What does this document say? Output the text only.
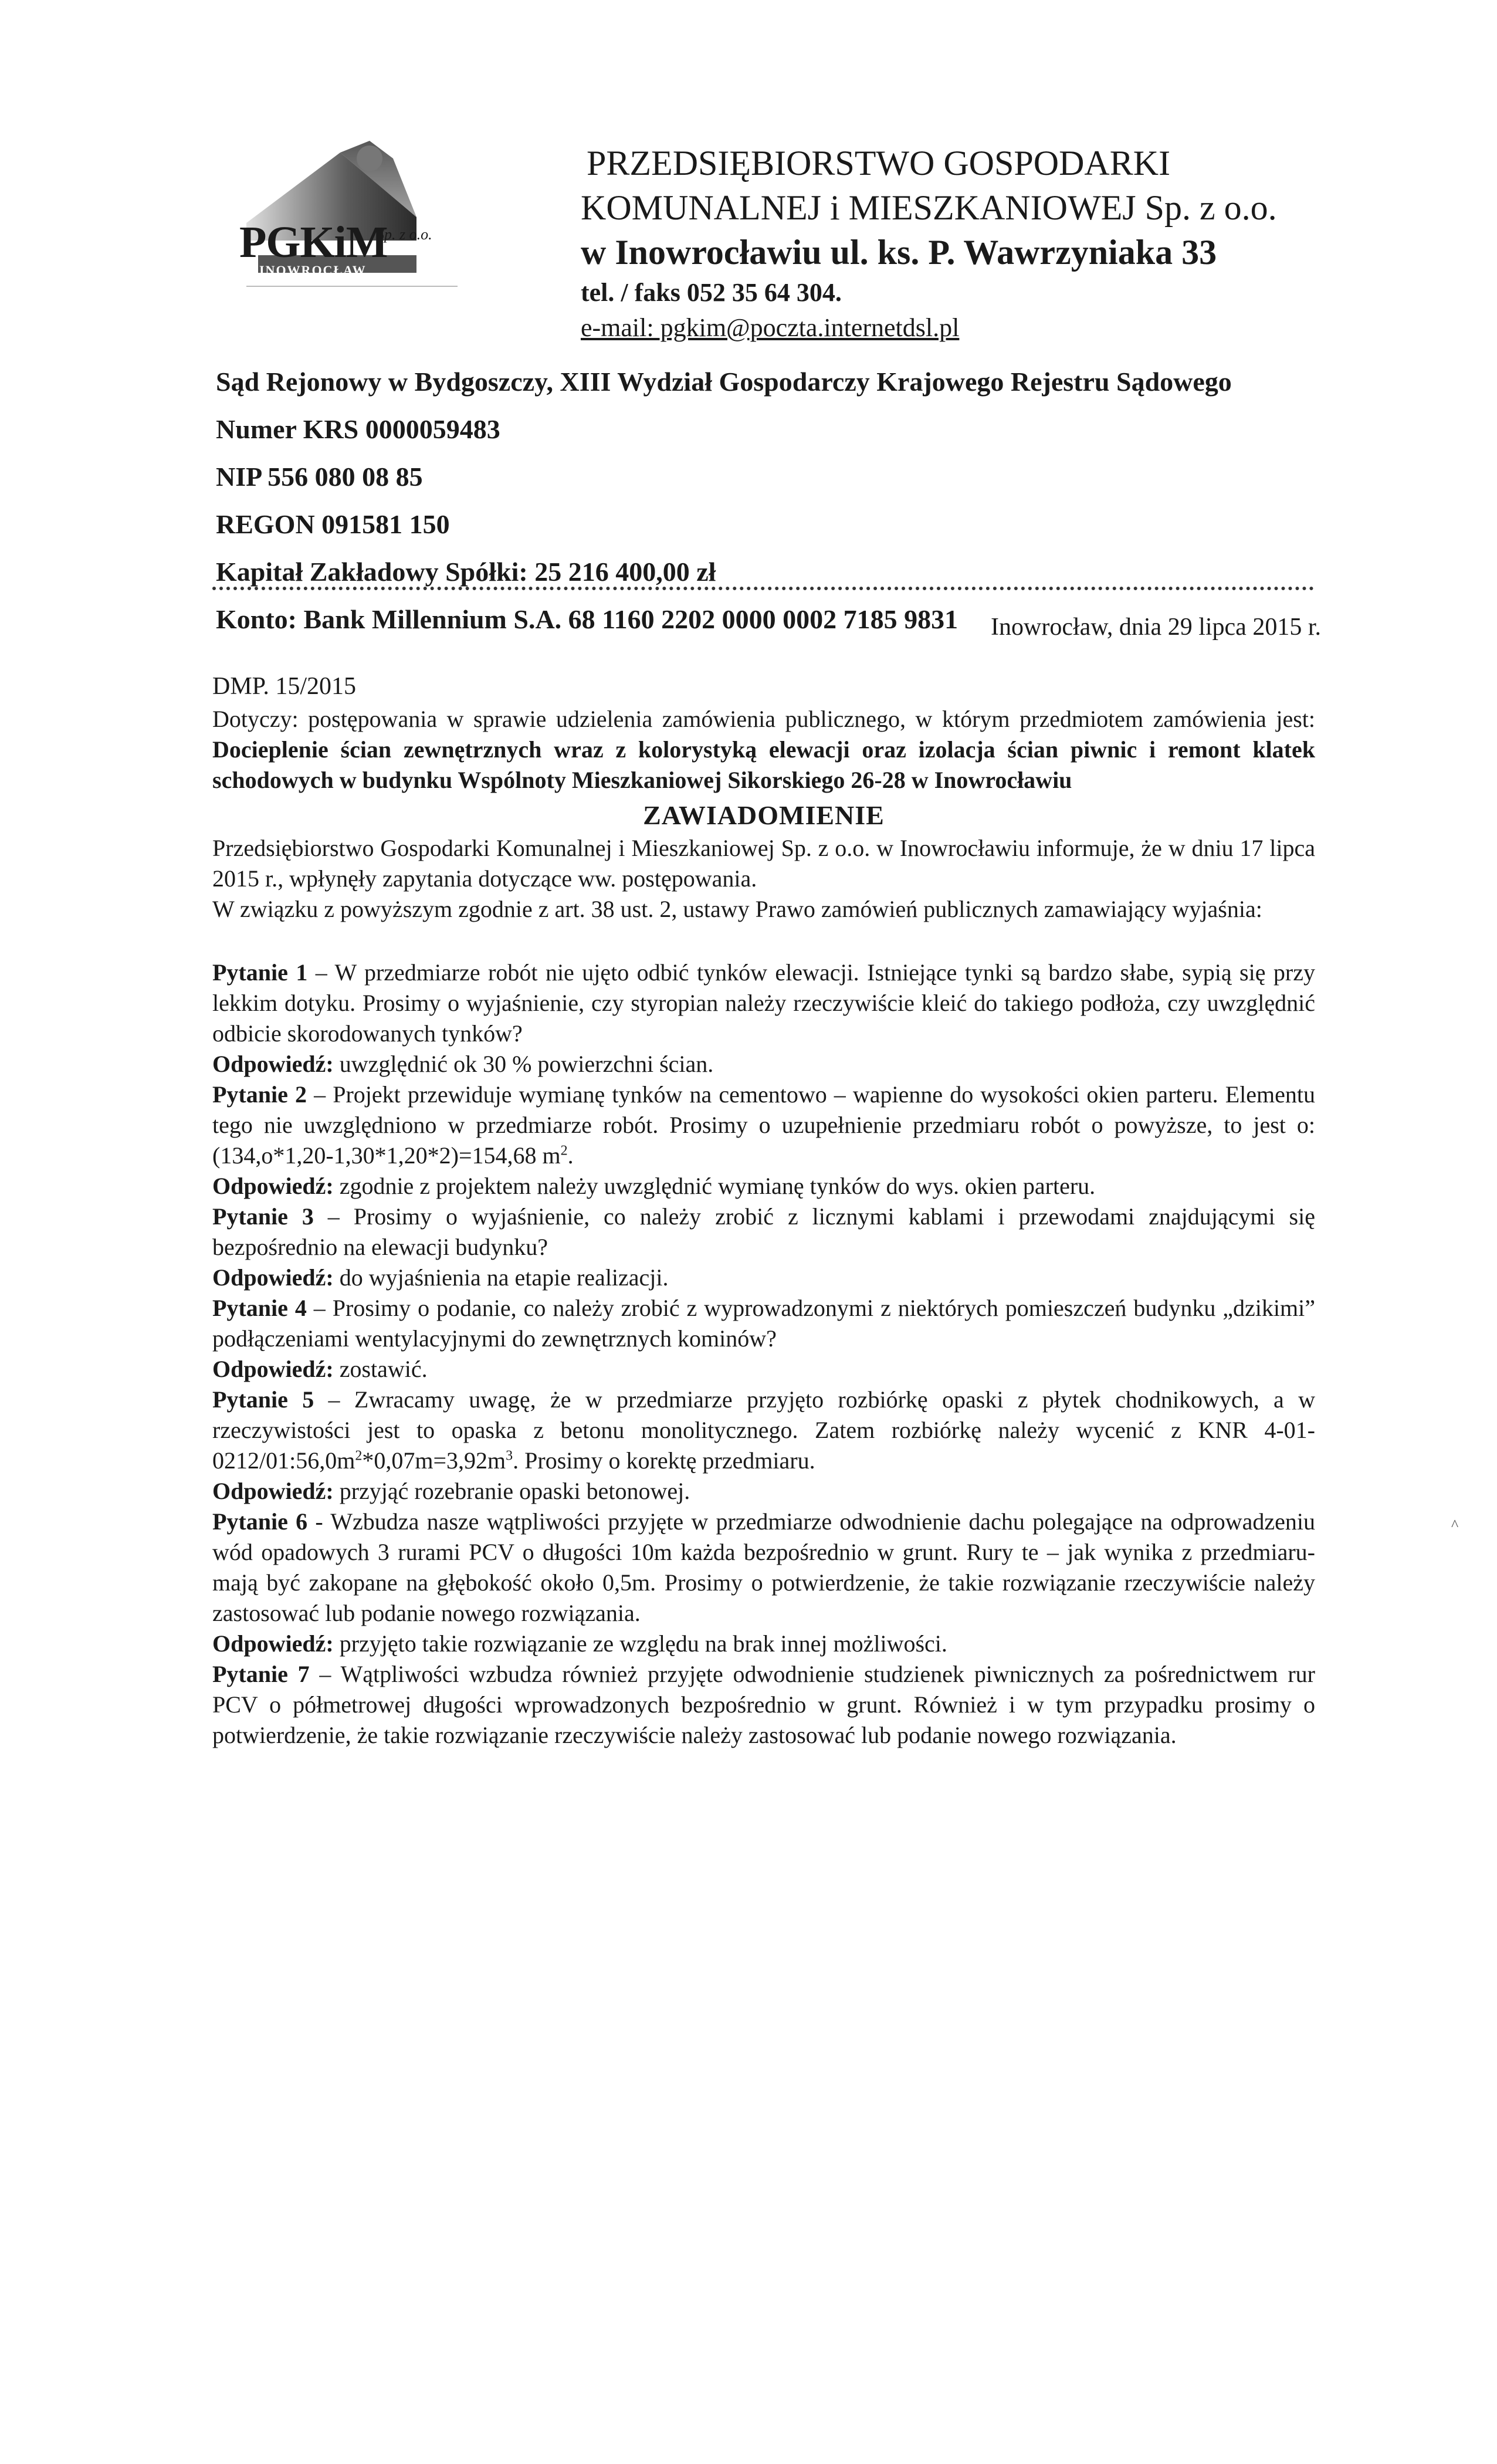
PGKiM
Sp. z o.o.
INOWROCŁAW
PRZEDSIĘBIORSTWO GOSPODARKI
KOMUNALNEJ i MIESZKANIOWEJ Sp. z o.o.
w Inowrocławiu ul. ks. P. Wawrzyniaka 33
tel. / faks 052 35 64 304.
e-mail: pgkim@poczta.internetdsl.pl
Sąd Rejonowy w Bydgoszczy, XIII Wydział Gospodarczy Krajowego Rejestru Sądowego
Numer KRS 0000059483
NIP 556 080 08 85
REGON 091581 150
Kapitał Zakładowy Spółki: 25 216 400,00 zł
Konto: Bank Millennium S.A. 68 1160 2202 0000 0002 7185 9831	Inowrocław, dnia 29 lipca 2015 r.

DMP. 15/2015

Dotyczy: postępowania w sprawie udzielenia zamówienia publicznego, w którym przedmiotem zamówienia jest: Docieplenie ścian zewnętrznych wraz z kolorystyką elewacji oraz izolacja ścian piwnic i remont klatek schodowych w budynku Wspólnoty Mieszkaniowej Sikorskiego 26-28 w Inowrocławiu

ZAWIADOMIENIE

Przedsiębiorstwo Gospodarki Komunalnej i Mieszkaniowej Sp. z o.o. w Inowrocławiu informuje, że w dniu 17 lipca 2015 r., wpłynęły zapytania dotyczące ww. postępowania.

W związku z powyższym zgodnie z art. 38 ust. 2, ustawy Prawo zamówień publicznych zamawiający wyjaśnia:

Pytanie 1 – W przedmiarze robót nie ujęto odbić tynków elewacji. Istniejące tynki są bardzo słabe, sypią się przy lekkim dotyku. Prosimy o wyjaśnienie, czy styropian należy rzeczywiście kleić do takiego podłoża, czy uwzględnić odbicie skorodowanych tynków?

Odpowiedź: uwzględnić ok 30 % powierzchni ścian.

Pytanie 2 – Projekt przewiduje wymianę tynków na cementowo – wapienne do wysokości okien parteru. Elementu tego nie uwzględniono w przedmiarze robót. Prosimy o uzupełnienie przedmiaru robót o powyższe, to jest o: (134,o*1,20-1,30*1,20*2)=154,68 $m^2$.

Odpowiedź: zgodnie z projektem należy uwzględnić wymianę tynków do wys. okien parteru.

Pytanie 3 – Prosimy o wyjaśnienie, co należy zrobić z licznymi kablami i przewodami znajdującymi się bezpośrednio na elewacji budynku?

Odpowiedź: do wyjaśnienia na etapie realizacji.

Pytanie 4 – Prosimy o podanie, co należy zrobić z wyprowadzonymi z niektórych pomieszczeń budynku „dzikimi” podłączeniami wentylacyjnymi do zewnętrznych kominów?

Odpowiedź: zostawić.

Pytanie 5 – Zwracamy uwagę, że w przedmiarze przyjęto rozbiórkę opaski z płytek chodnikowych, a w rzeczywistości jest to opaska z betonu monolitycznego. Zatem rozbiórkę należy wycenić z KNR $4-01-0212/01:56,0m^2*0,07m=3,92m^3$. Prosimy o korektę przedmiaru.

Odpowiedź: przyjąć rozebranie opaski betonowej.

Pytanie 6 - Wzbudza nasze wątpliwości przyjęte w przedmiarze odwodnienie dachu polegające na odprowadzeniu wód opadowych 3 rurami PCV o długości 10m każda bezpośrednio w grunt. Rury te – jak wynika z przedmiaru- mają być zakopane na głębokość około 0,5m. Prosimy o potwierdzenie, że takie rozwiązanie rzeczywiście należy zastosować lub podanie nowego rozwiązania.

Odpowiedź: przyjęto takie rozwiązanie ze względu na brak innej możliwości.

Pytanie 7 – Wątpliwości wzbudza również przyjęte odwodnienie studzienek piwnicznych za pośrednictwem rur PCV o półmetrowej długości wprowadzonych bezpośrednio w grunt. Również i w tym przypadku prosimy o potwierdzenie, że takie rozwiązanie rzeczywiście należy zastosować lub podanie nowego rozwiązania.

^
